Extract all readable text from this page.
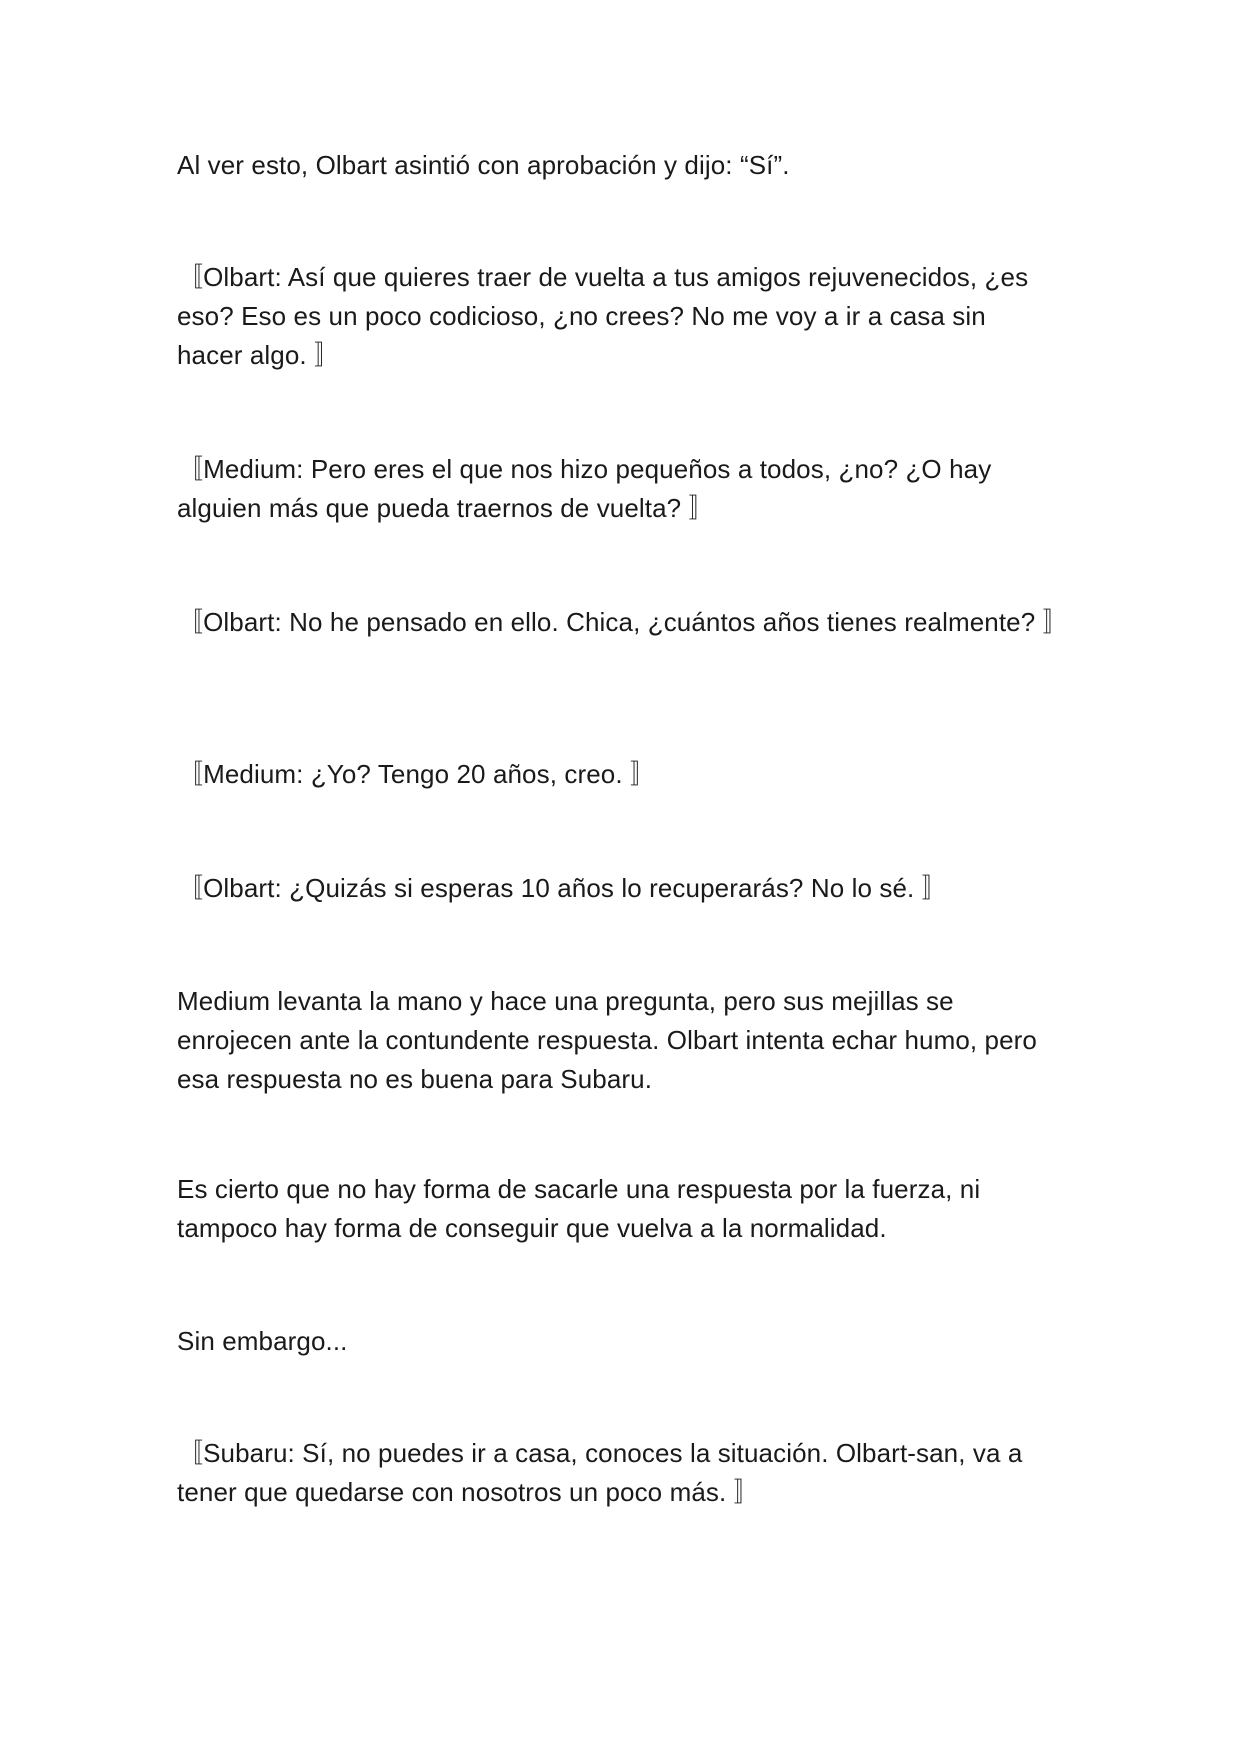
Al ver esto, Olbart asintió con aprobación y dijo: “Sí”.

〚Olbart: Así que quieres traer de vuelta a tus amigos rejuvenecidos, ¿es eso? Eso es un poco codicioso, ¿no crees? No me voy a ir a casa sin hacer algo. 〛

〚Medium: Pero eres el que nos hizo pequeños a todos, ¿no? ¿O hay alguien más que pueda traernos de vuelta? 〛

〚Olbart: No he pensado en ello. Chica, ¿cuántos años tienes realmente? 〛

〚Medium: ¿Yo? Tengo 20 años, creo. 〛

〚Olbart: ¿Quizás si esperas 10 años lo recuperarás? No lo sé. 〛

Medium levanta la mano y hace una pregunta, pero sus mejillas se enrojecen ante la contundente respuesta. Olbart intenta echar humo, pero esa respuesta no es buena para Subaru.

Es cierto que no hay forma de sacarle una respuesta por la fuerza, ni tampoco hay forma de conseguir que vuelva a la normalidad.

Sin embargo...

〚Subaru: Sí, no puedes ir a casa, conoces la situación. Olbart-san, va a tener que quedarse con nosotros un poco más. 〛
